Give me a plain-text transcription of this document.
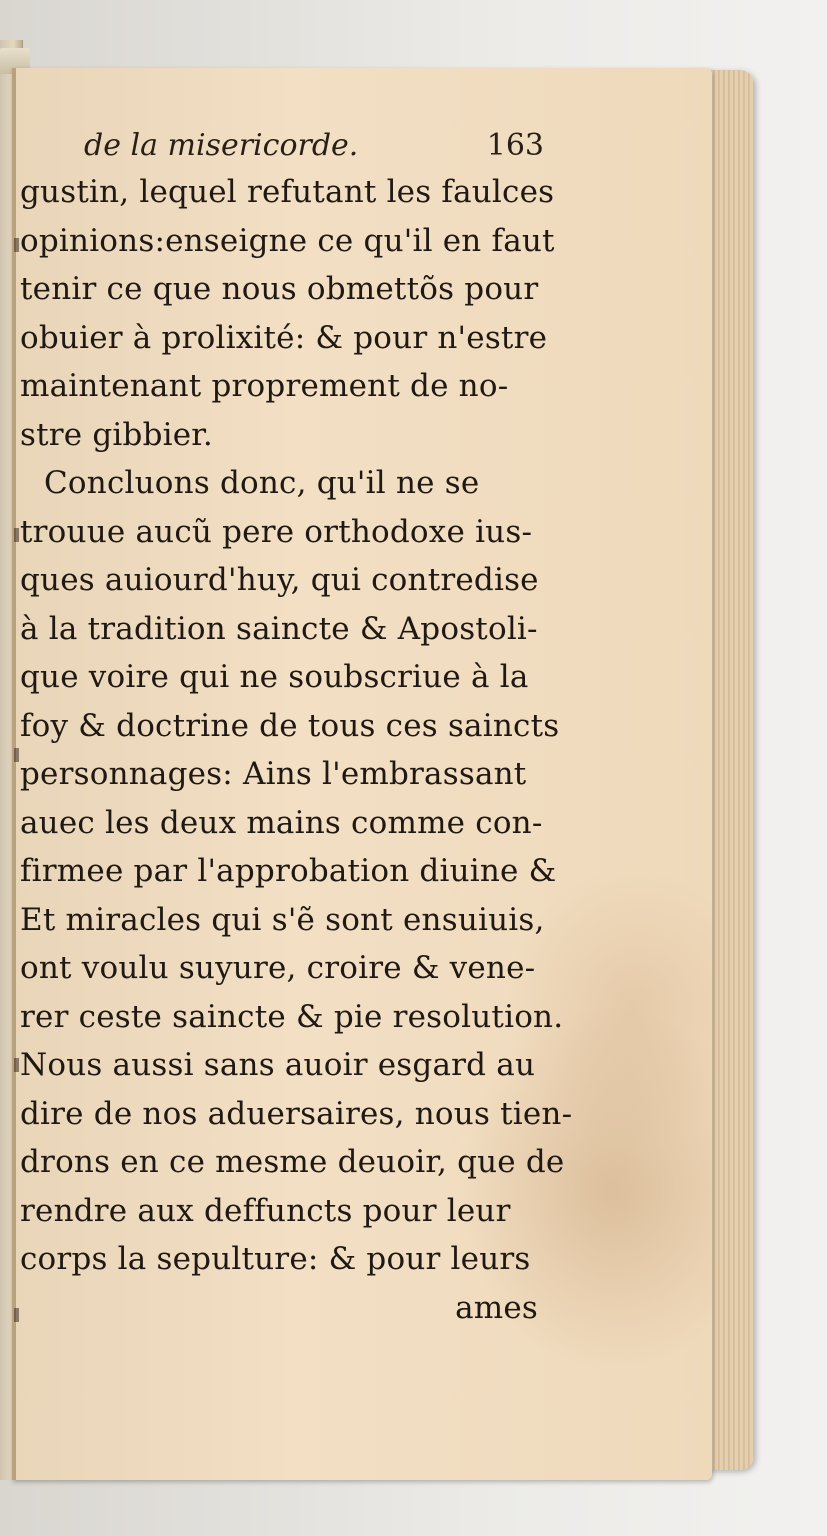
de la misericorde.	163
gustin, lequel refutant les faulces
opinions:enseigne ce qu'il en faut
tenir ce que nous obmettõs pour
obuier à prolixité: & pour n'estre
maintenant proprement de no-
stre gibbier.
Concluons donc, qu'il ne se
trouue aucũ pere orthodoxe ius-
ques auiourd'huy, qui contredise
à la tradition saincte & Apostoli-
que voire qui ne soubscriue à la
foy & doctrine de tous ces saincts
personnages: Ains l'embrassant
auec les deux mains comme con-
firmee par l'approbation diuine &
Et miracles qui s'ẽ sont ensuiuis,
ont voulu suyure, croire & vene-
rer ceste saincte & pie resolution.
Nous aussi sans auoir esgard au
dire de nos aduersaires, nous tien-
drons en ce mesme deuoir, que de
rendre aux deffuncts pour leur
corps la sepulture: & pour leurs
ames
